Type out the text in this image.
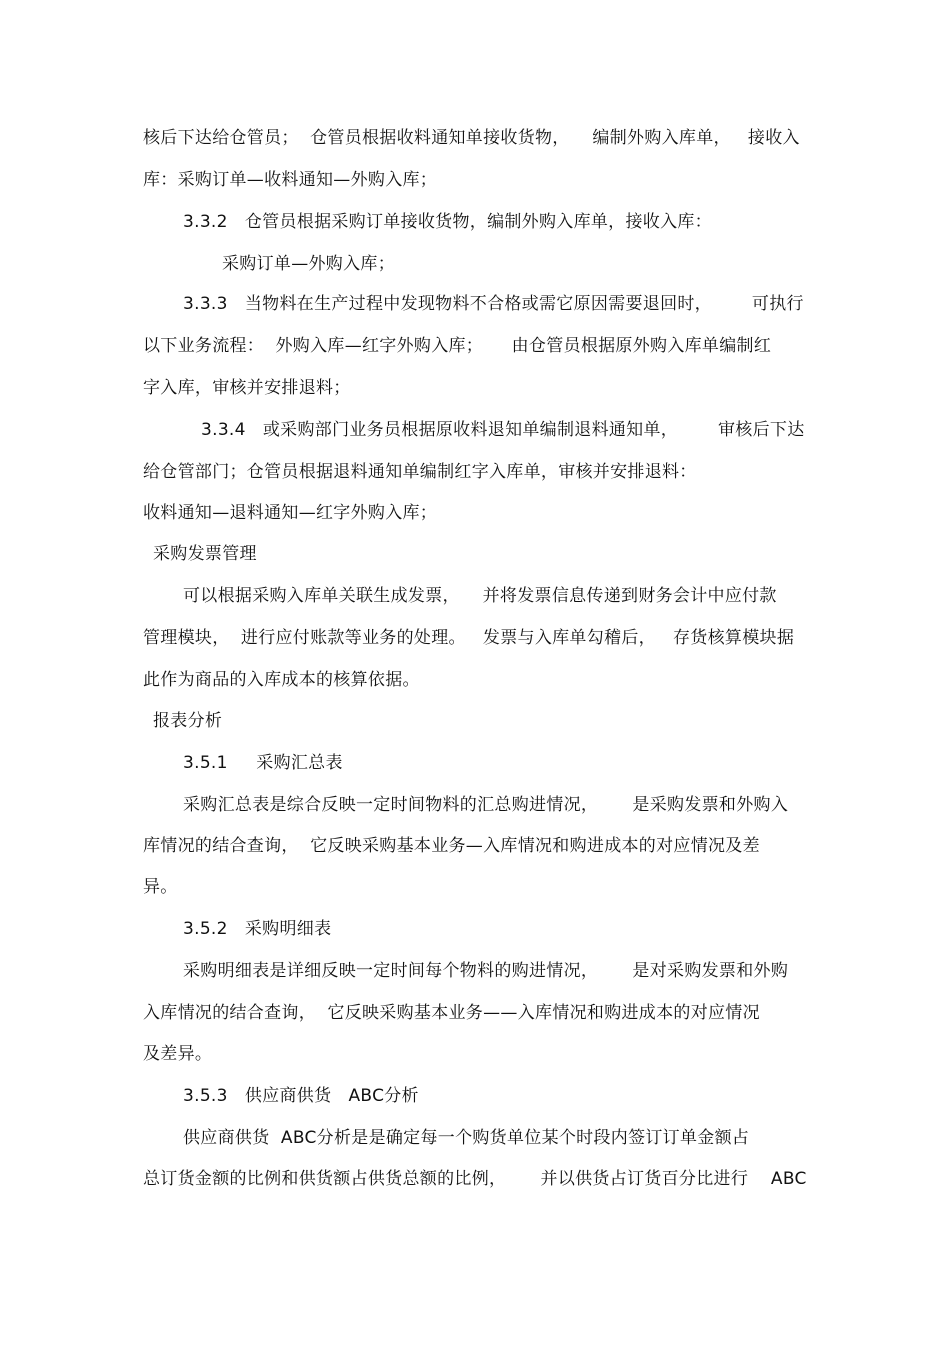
核后下达给仓管员；  仓管员根据收料通知单接收货物，    编制外购入库单，   接收入
库：采购订单—收料通知—外购入库；
3.3.2   仓管员根据采购订单接收货物，编制外购入库单，接收入库：
采购订单—外购入库；
3.3.3   当物料在生产过程中发现物料不合格或需它原因需要退回时，       可执行
以下业务流程：  外购入库—红字外购入库；     由仓管员根据原外购入库单编制红
字入库，审核并安排退料；
3.3.4   或采购部门业务员根据原收料退知单编制退料通知单，       审核后下达
给仓管部门；仓管员根据退料通知单编制红字入库单，审核并安排退料：
收料通知—退料通知—红字外购入库；
采购发票管理
可以根据采购入库单关联生成发票，    并将发票信息传递到财务会计中应付款
管理模块，  进行应付账款等业务的处理。   发票与入库单勾稽后，   存货核算模块据
此作为商品的入库成本的核算依据。
报表分析
3.5.1     采购汇总表
采购汇总表是综合反映一定时间物料的汇总购进情况，      是采购发票和外购入
库情况的结合查询，  它反映采购基本业务—入库情况和购进成本的对应情况及差
异。
3.5.2   采购明细表
采购明细表是详细反映一定时间每个物料的购进情况，      是对采购发票和外购
入库情况的结合查询，  它反映采购基本业务——入库情况和购进成本的对应情况
及差异。
3.5.3   供应商供货   ABC分析
供应商供货  ABC分析是是确定每一个购货单位某个时段内签订订单金额占
总订货金额的比例和供货额占供货总额的比例，      并以供货占订货百分比进行    ABC
